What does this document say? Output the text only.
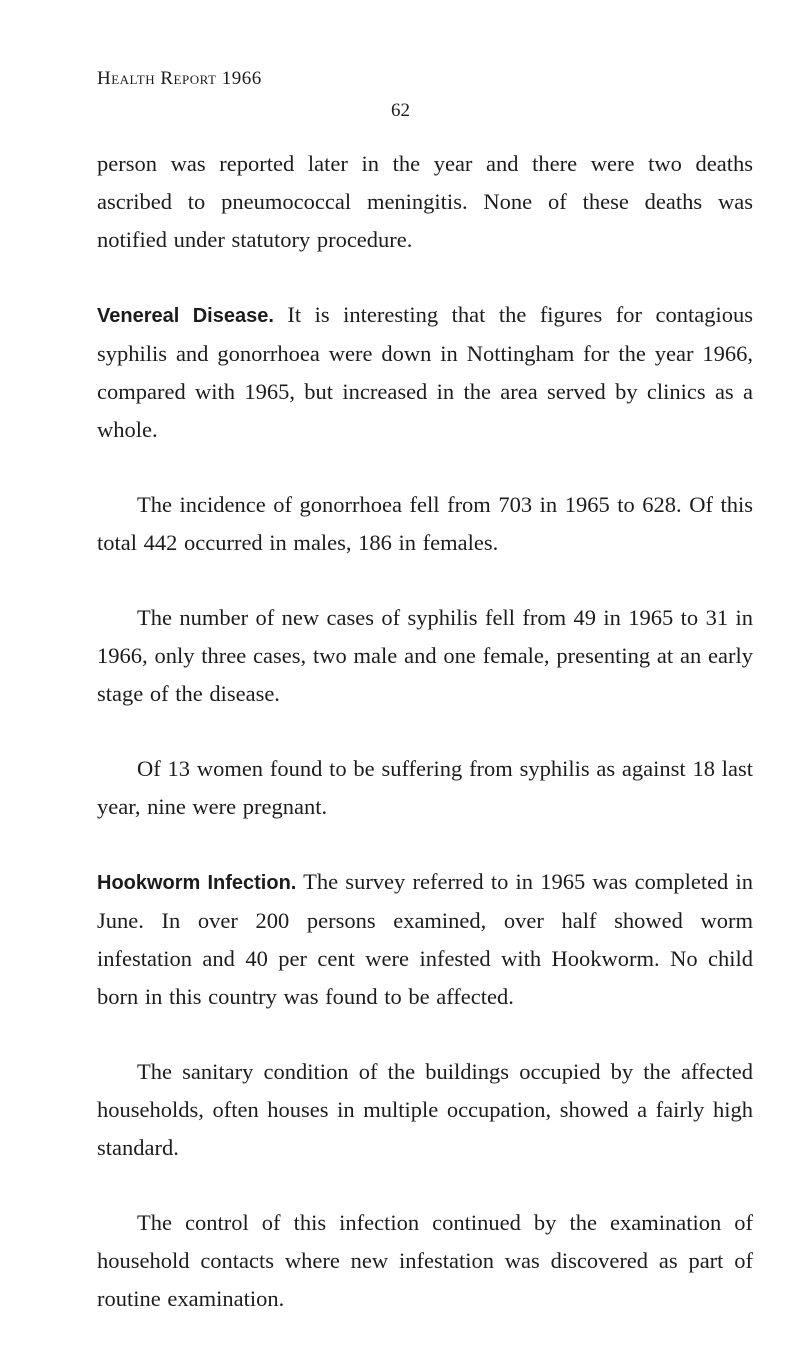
Health Report 1966
62

person was reported later in the year and there were two deaths ascribed to pneumococcal meningitis. None of these deaths was notified under statutory procedure.

Venereal Disease. It is interesting that the figures for contagious syphilis and gonorrhoea were down in Nottingham for the year 1966, compared with 1965, but increased in the area served by clinics as a whole.

The incidence of gonorrhoea fell from 703 in 1965 to 628. Of this total 442 occurred in males, 186 in females.

The number of new cases of syphilis fell from 49 in 1965 to 31 in 1966, only three cases, two male and one female, presenting at an early stage of the disease.

Of 13 women found to be suffering from syphilis as against 18 last year, nine were pregnant.

Hookworm Infection. The survey referred to in 1965 was completed in June. In over 200 persons examined, over half showed worm infestation and 40 per cent were infested with Hookworm. No child born in this country was found to be affected.

The sanitary condition of the buildings occupied by the affected households, often houses in multiple occupation, showed a fairly high standard.

The control of this infection continued by the examination of household contacts where new infestation was discovered as part of routine examination.
